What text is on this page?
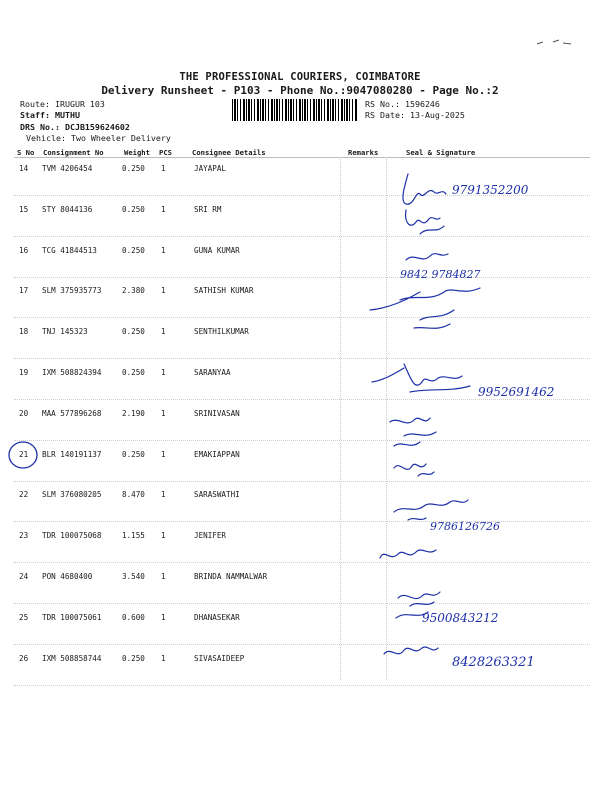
THE PROFESSIONAL COURIERS, COIMBATORE
Delivery Runsheet - P103 - Phone No.:9047080280 - Page No.:2
Route: IRUGUR 103
Staff: MUTHU
DRS No.: DCJB159624602
Vehicle: Two Wheeler Delivery
RS No.: 1596246
RS Date: 13-Aug-2025
S No Consignment No	Weight PCS	Consignee Details	Remarks	Seal & Signature
14 TVM 4206454	0.250 1	JAYAPAL
15 STY 8044136	0.250 1	SRI RM
16 TCG 41844513	0.250 1	GUNA KUMAR
17 SLM 375935773	2.380 1	SATHISH KUMAR
18 TNJ 145323	0.250 1	SENTHILKUMAR
19 IXM 508824394	0.250 1	SARANYAA
20 MAA 577896268	2.190 1	SRINIVASAN
21 BLR 140191137	0.250 1	EMAKIAPPAN
22 SLM 376080205	8.470 1	SARASWATHI
23 TDR 100075068	1.155 1	JENIFER
24 PON 4680400	3.540 1	BRINDA NAMMALWAR
25 TDR 100075061	0.600 1	DHANASEKAR
26 IXM 508858744	0.250 1	SIVASAIDEEP
9791352200
9842 9784827
9952691462
9786126726
9500843212
8428263321
